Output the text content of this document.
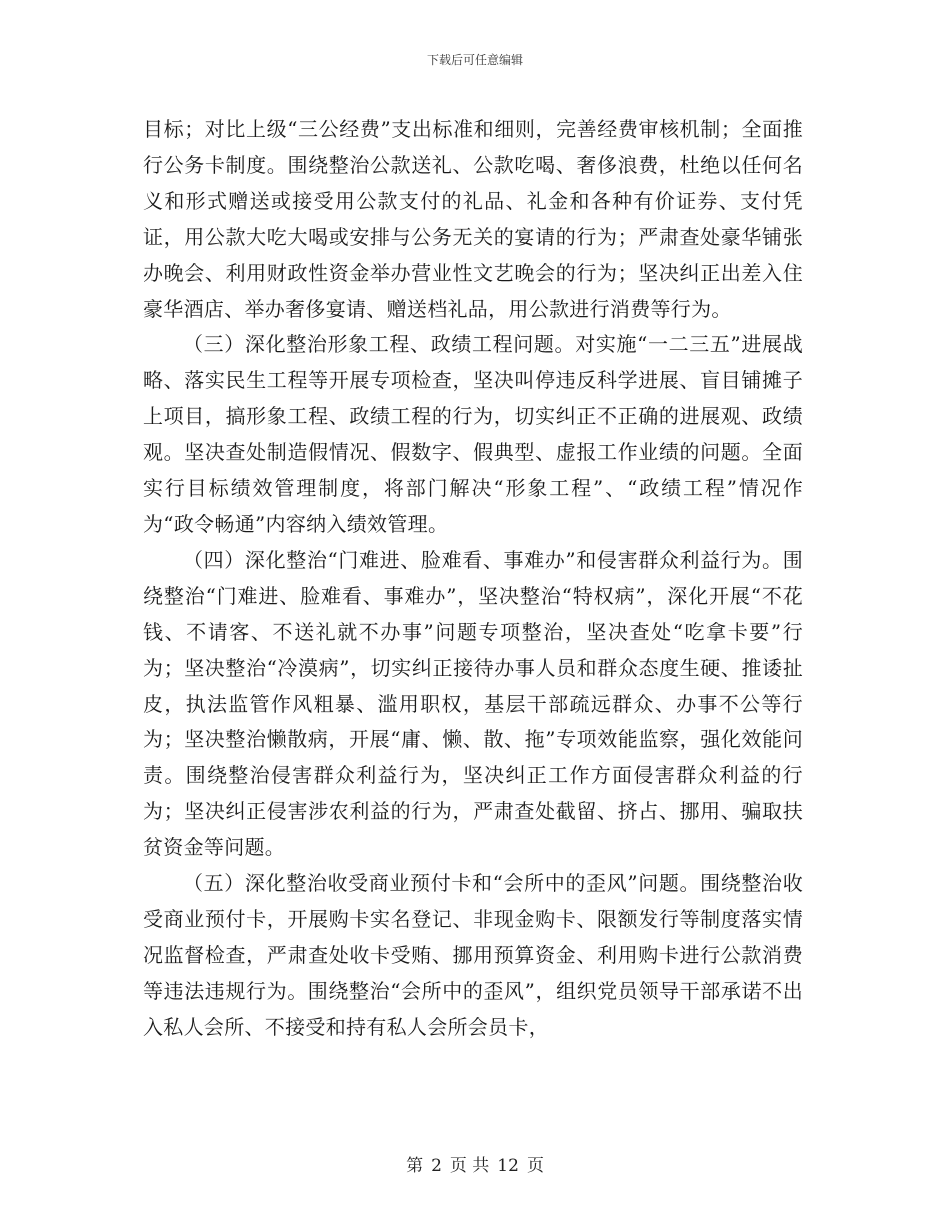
下载后可任意编辑

目标；对比上级“三公经费”支出标准和细则，完善经费审核机制；全面推行公务卡制度。围绕整治公款送礼、公款吃喝、奢侈浪费，杜绝以任何名义和形式赠送或接受用公款支付的礼品、礼金和各种有价证券、支付凭证，用公款大吃大喝或安排与公务无关的宴请的行为；严肃查处豪华铺张办晚会、利用财政性资金举办营业性文艺晚会的行为；坚决纠正出差入住豪华酒店、举办奢侈宴请、赠送档礼品，用公款进行消费等行为。

（三）深化整治形象工程、政绩工程问题。对实施“一二三五”进展战略、落实民生工程等开展专项检查，坚决叫停违反科学进展、盲目铺摊子上项目，搞形象工程、政绩工程的行为，切实纠正不正确的进展观、政绩观。坚决查处制造假情况、假数字、假典型、虚报工作业绩的问题。全面实行目标绩效管理制度，将部门解决“形象工程”、“政绩工程”情况作为“政令畅通”内容纳入绩效管理。

（四）深化整治“门难进、脸难看、事难办”和侵害群众利益行为。围绕整治“门难进、脸难看、事难办”，坚决整治“特权病”，深化开展“不花钱、不请客、不送礼就不办事”问题专项整治，坚决查处“吃拿卡要”行为；坚决整治“冷漠病”，切实纠正接待办事人员和群众态度生硬、推诿扯皮，执法监管作风粗暴、滥用职权，基层干部疏远群众、办事不公等行为；坚决整治懒散病，开展“庸、懒、散、拖”专项效能监察，强化效能问责。围绕整治侵害群众利益行为，坚决纠正工作方面侵害群众利益的行为；坚决纠正侵害涉农利益的行为，严肃查处截留、挤占、挪用、骗取扶贫资金等问题。

（五）深化整治收受商业预付卡和“会所中的歪风”问题。围绕整治收受商业预付卡，开展购卡实名登记、非现金购卡、限额发行等制度落实情况监督检查，严肃查处收卡受贿、挪用预算资金、利用购卡进行公款消费等违法违规行为。围绕整治“会所中的歪风”，组织党员领导干部承诺不出入私人会所、不接受和持有私人会所会员卡，

第 2 页 共 12 页
